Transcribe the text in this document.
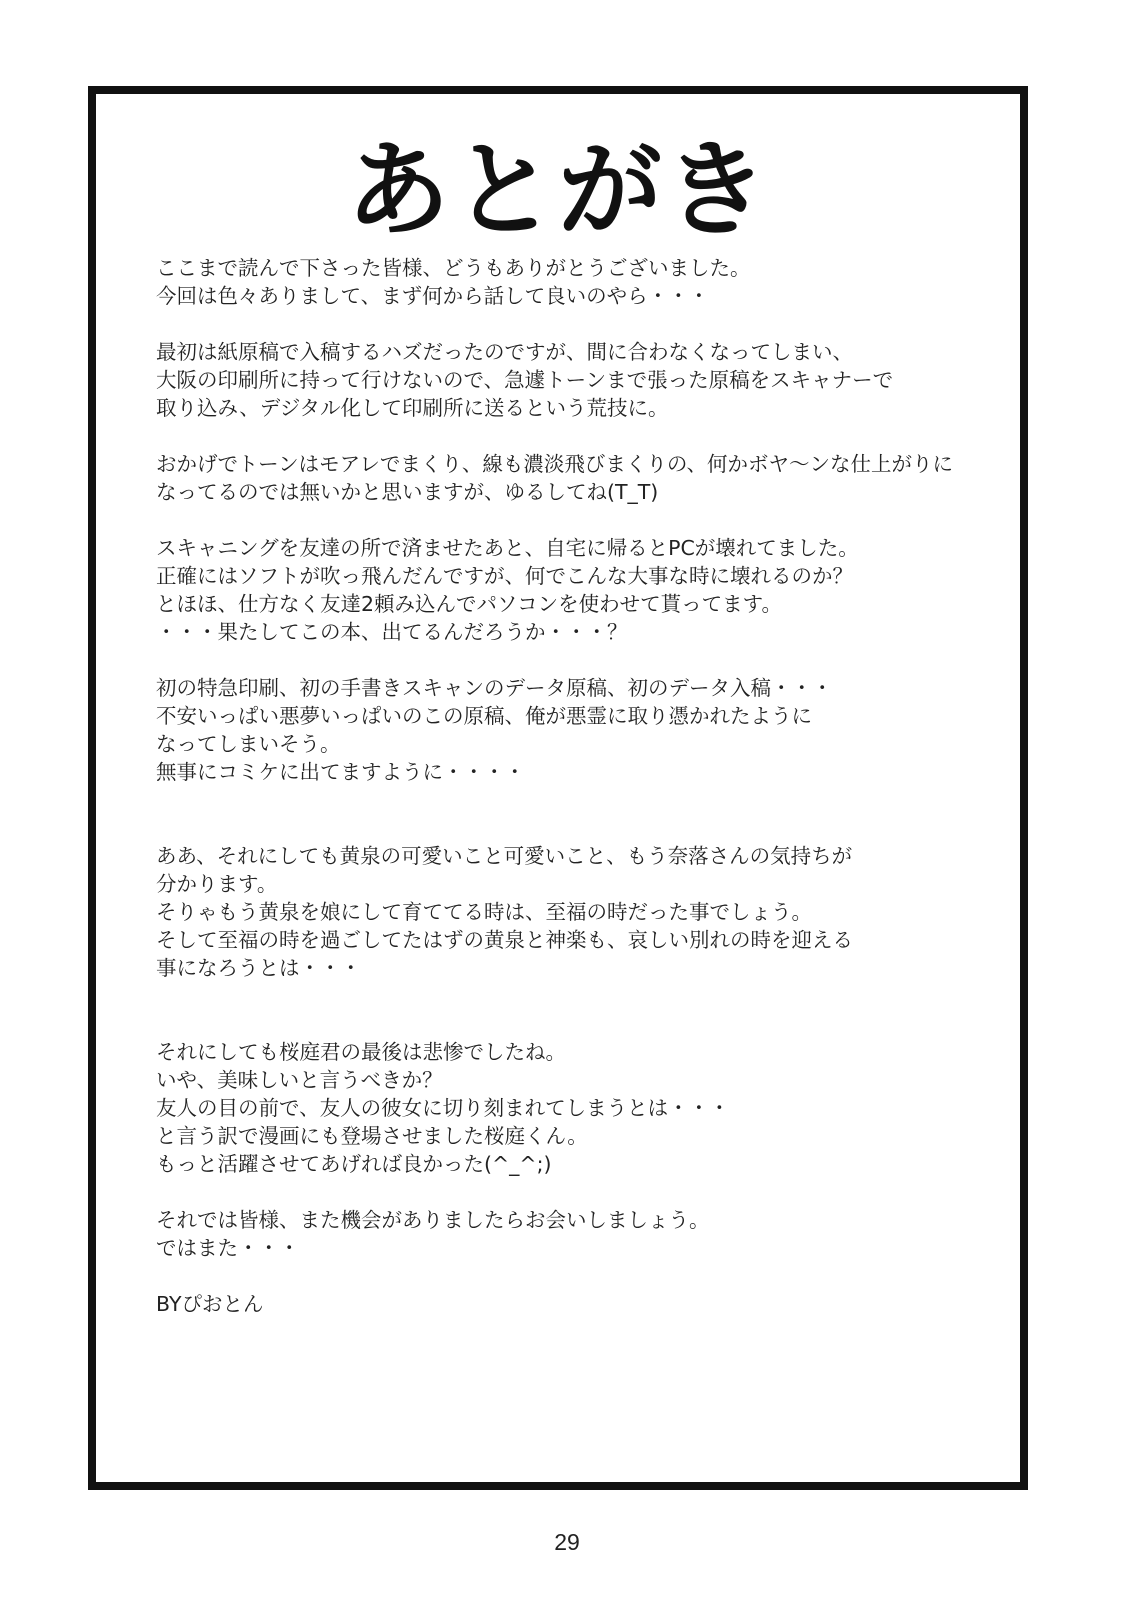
あとがき
ここまで読んで下さった皆様、どうもありがとうございました。
今回は色々ありまして、まず何から話して良いのやら・・・
最初は紙原稿で入稿するハズだったのですが、間に合わなくなってしまい、
大阪の印刷所に持って行けないので、急遽トーンまで張った原稿をスキャナーで
取り込み、デジタル化して印刷所に送るという荒技に。
おかげでトーンはモアレでまくり、線も濃淡飛びまくりの、何かボヤ～ンな仕上がりに
なってるのでは無いかと思いますが、ゆるしてね(T_T)
スキャニングを友達の所で済ませたあと、自宅に帰るとPCが壊れてました。
正確にはソフトが吹っ飛んだんですが、何でこんな大事な時に壊れるのか？
とほほ、仕方なく友達2頼み込んでパソコンを使わせて貰ってます。
・・・果たしてこの本、出てるんだろうか・・・？
初の特急印刷、初の手書きスキャンのデータ原稿、初のデータ入稿・・・
不安いっぱい悪夢いっぱいのこの原稿、俺が悪霊に取り憑かれたように
なってしまいそう。
無事にコミケに出てますように・・・・
ああ、それにしても黄泉の可愛いこと可愛いこと、もう奈落さんの気持ちが
分かります。
そりゃもう黄泉を娘にして育ててる時は、至福の時だった事でしょう。
そして至福の時を過ごしてたはずの黄泉と神楽も、哀しい別れの時を迎える
事になろうとは・・・
それにしても桜庭君の最後は悲惨でしたね。
いや、美味しいと言うべきか？
友人の目の前で、友人の彼女に切り刻まれてしまうとは・・・
と言う訳で漫画にも登場させました桜庭くん。
もっと活躍させてあげれば良かった(^_^;)
それでは皆様、また機会がありましたらお会いしましょう。
ではまた・・・
BYぴおとん
29
